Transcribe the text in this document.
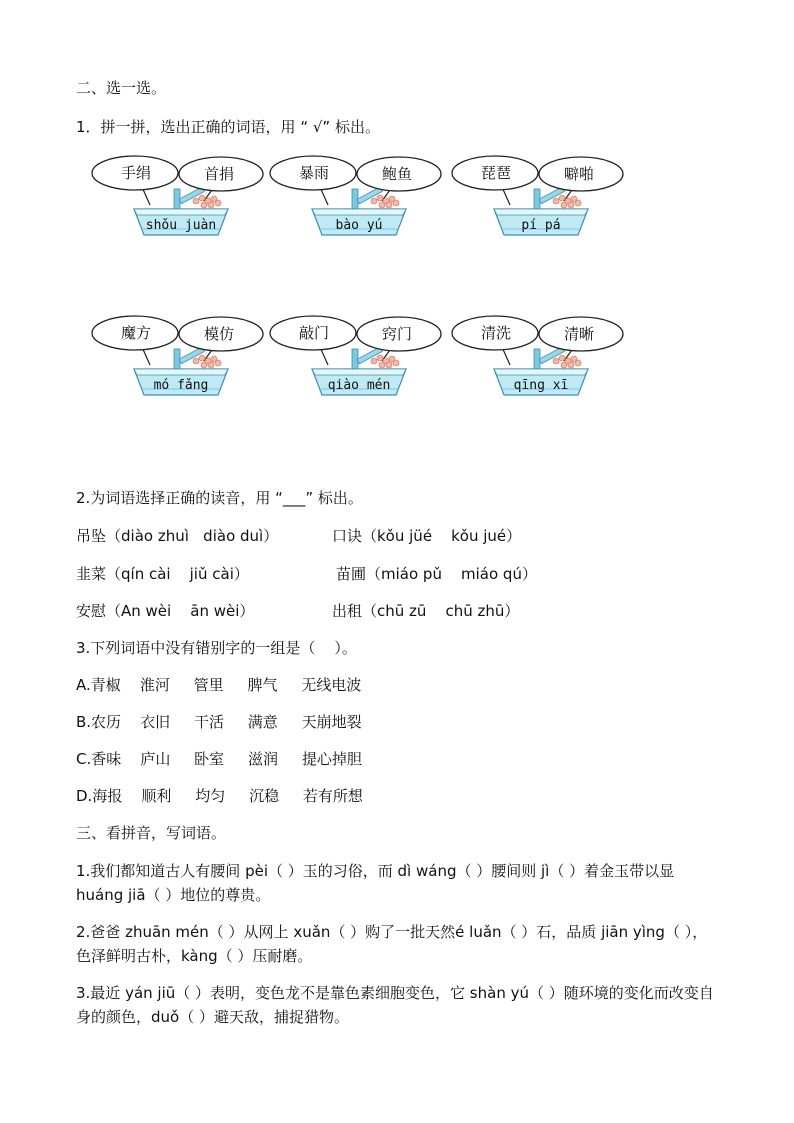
二、选一选。
1．拼一拼，选出正确的词语，用 “ √” 标出。
手绢	首捐
shǒu juàn
暴雨	鲍鱼
bào yú
琵琶	噼啪
pí pá
魔方	模仿
mó fǎng
敲门	窍门
qiào mén
清洗	清晰
qīng xī
2.为词语选择正确的读音，用 “___” 标出。
吊坠（diào zhuì   diào duì）	口诀（kǒu jüé    kǒu jué）
韭菜（qín cài    jiǔ cài）	苗圃（miáo pǔ    miáo qú）
安慰（An wèi    ān wèi）	出租（chū zū    chū zhū）
3.下列词语中没有错别字的一组是（    ）。
A.青椒    淮河     管里     脾气     无线电波
B.农历    衣旧     干活     满意     天崩地裂
C.香味    庐山     卧室     滋润     提心掉胆
D.海报    顺利     均匀     沉稳     若有所想
三、看拼音，写词语。
1.我们都知道古人有腰间 pèi（ ）玉的习俗，而 dì wáng（ ）腰间则 jì（ ）着金玉带以显 huáng jiā（ ）地位的尊贵。
2.爸爸 zhuān mén（ ）从网上 xuǎn（ ）购了一批天然é luǎn（ ）石，品质 jiān yìng（ ），色泽鲜明古朴，kàng（ ）压耐磨。
3.最近 yán jiū（ ）表明，变色龙不是靠色素细胞变色，它 shàn yú（ ）随环境的变化而改变自身的颜色，duǒ（ ）避天敌，捕捉猎物。
